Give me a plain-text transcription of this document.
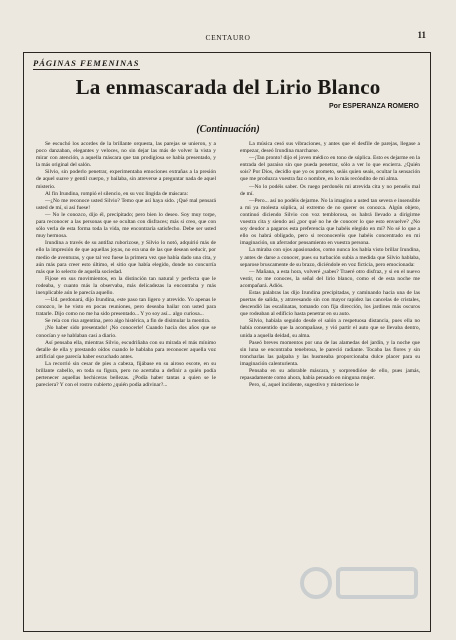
CENTAURO	11
PÁGINAS FEMENINAS
La enmascarada del Lirio Blanco
Por ESPERANZA ROMERO
(Continuación)

Se escuchó los acordes de la brillante orquesta, las parejas se unieron, y a poco danzaban, elegantes y veloces, no sin dejar las más de volver la vista y mirar con atención, a aquella máscara que tan prodigiosa se había presentado, y la más original del salón.

Silvio, sin poderlo penetrar, experimentaba emociones extrañas a la presión de aquel suave y gentil cuerpo, y bailaba, sin atreverse a preguntar nada de aquel misterio.

Al fin Irundina, rompió el silencio, en su voz lingida de máscara:

—¿No me reconoce usted Silvio? Temo que así haya sido. ¡Qué mal pensará usted de mí, si así fuese!

— No le conozco, dijo él, precipitado; pero bien lo deseo. Soy muy torpe, para reconocer a las personas que se ocultan con disfraces; más si creo, que con sólo verla de esta forma toda la vida, me encontraría satisfecho. Debe ser usted muy hermosa.

Irundina a través de su antifaz ruborizose, y Silvio lo notó, adquirió más de ello la impresión de que aquellas joyas, no era una de las que desean seducir, por medio de aventuras, y que tal vez fuese la primera vez que había dado una cita, y aún más para creer esto último, el sitio que había elegido, donde no concurría más que lo selecto de aquella sociedad.

Fijose en sus movimientos, en la distinción tan natural y perfecta que le rodeaba, y cuanto más la observaba, más delicadezas la encontraba y más inexplicable aún le parecía aquello.

—Ud. perdonará, dijo Irundina, este paso tan ligero y atrevido. Yo apenas le conozco, le he visto en pocas reuniones, pero deseaba bailar con usted para tratarle. Dijo como no me ha sido presentado... Y yo soy así... algo curiosa...

Se reía con risa argentina, pero algo histérica, a fin de disimular la mentira.

¡No haber sido presentado! ¡No conocerle! Cuando hacía dos años que se conocían y se hablaban casi a diario.

Así pensaba ella, mientras Silvio, escudriñaba con su mirada el más mínimo detalle de ella y prestando oídos cuando le hablaba para reconocer aquella voz artificial que parecía haber escuchado antes.

La recorrió sin cesar de pies a cabeza, fijábase en su airoso escote, en su brillante cabello, en toda su figura, pero no acertaba a definir a quién podía pertenecer aquellas hechiceras bellezas. ¿Podía haber tantas a quien se le pareciera? Y con el rostro cubierto ¿quién podía adivinar?...

La música cesó sus vibraciones, y antes que el desfile de parejas, llegase a empezar, deseó Irundina marcharse.

—¡Tan pronto! dijo el joven médico en tono de súplica. Esto es dejarme en la entrada del paraíso sin que pueda penetrar, sólo a ver lo que encierra. ¿Quién sois? Por Dios, decidlo que yo os prometo, seáis quien seais, ocultar la sensación que me produzca vuestra faz o nombre, en lo más recóndito de mi alma.

—No lo podéis saber. Os ruego perdonéis mi atrevida cita y no penséis mal de mí.

—Pero... así no podéis dejarme. No la imagino a usted tan severa e insensible a mi ya molesta súplica, al extremo de no querer os conozca. Algún objeto, continuó diciendo Silvio con voz temblorosa, os habrá llevado a dirigirme vuestra cita y siendo así ¿por qué no he de conocer lo que esto envuelve? ¿No soy deudor a pagaros esta preferencia que habéis elegido en mí? No sé lo que a ello os habrá obligado, pero si reconoceréis que habéis concentrado en mi imaginación, un aferrador pensamiento en vuestra persona.

La miraba con ojos apasionados, como nunca los había visto brillar Irundina, y antes de darse a conocer, pues su turbación subía a medida que Silvio hablaba, separose bruscamente de su brazo, diciéndole en voz ficticia, pero emocionada:

— Mañana, a esta hora, volveré ¿sabes? Traeré otro disfraz, y si en el nuevo vestir, no me conoces, la señal del lirio blanco, como el de esta noche me acompañará. Adiós.

Estas palabras las dijo Irundina precipitadas, y caminando hacia una de las puertas de salida, y atravesando sin con mayor rapidez las cancelas de cristales, descendió las escalinatas, tomando con fija dirección, los jardines más oscuros que rodeaban al edificio hasta penetrar en su auto.

Silvio, habíala seguido desde el salón a respetuosa distancia, pues ella no había consentido que la acompañase, y vió partir el auto que se llevaba dentro, unida a aquella deidad, su alma.

Paseó breves momentos por una de las alamedas del jardín, y la noche que sin luna se encontraba tenebrosa, le pareció radiante. Tocaba las flores y sin troncharlas las palpaba y las husmeaba proporcionaba dulce placer para su imaginación calenturienta.

Pensaba en su adorable máscara, y sorprendióse de ello, pues jamás, repasadamente como ahora, había pensado en ninguna mujer.

Pero, sí, aquel incidente, sugestivo y misterioso le
